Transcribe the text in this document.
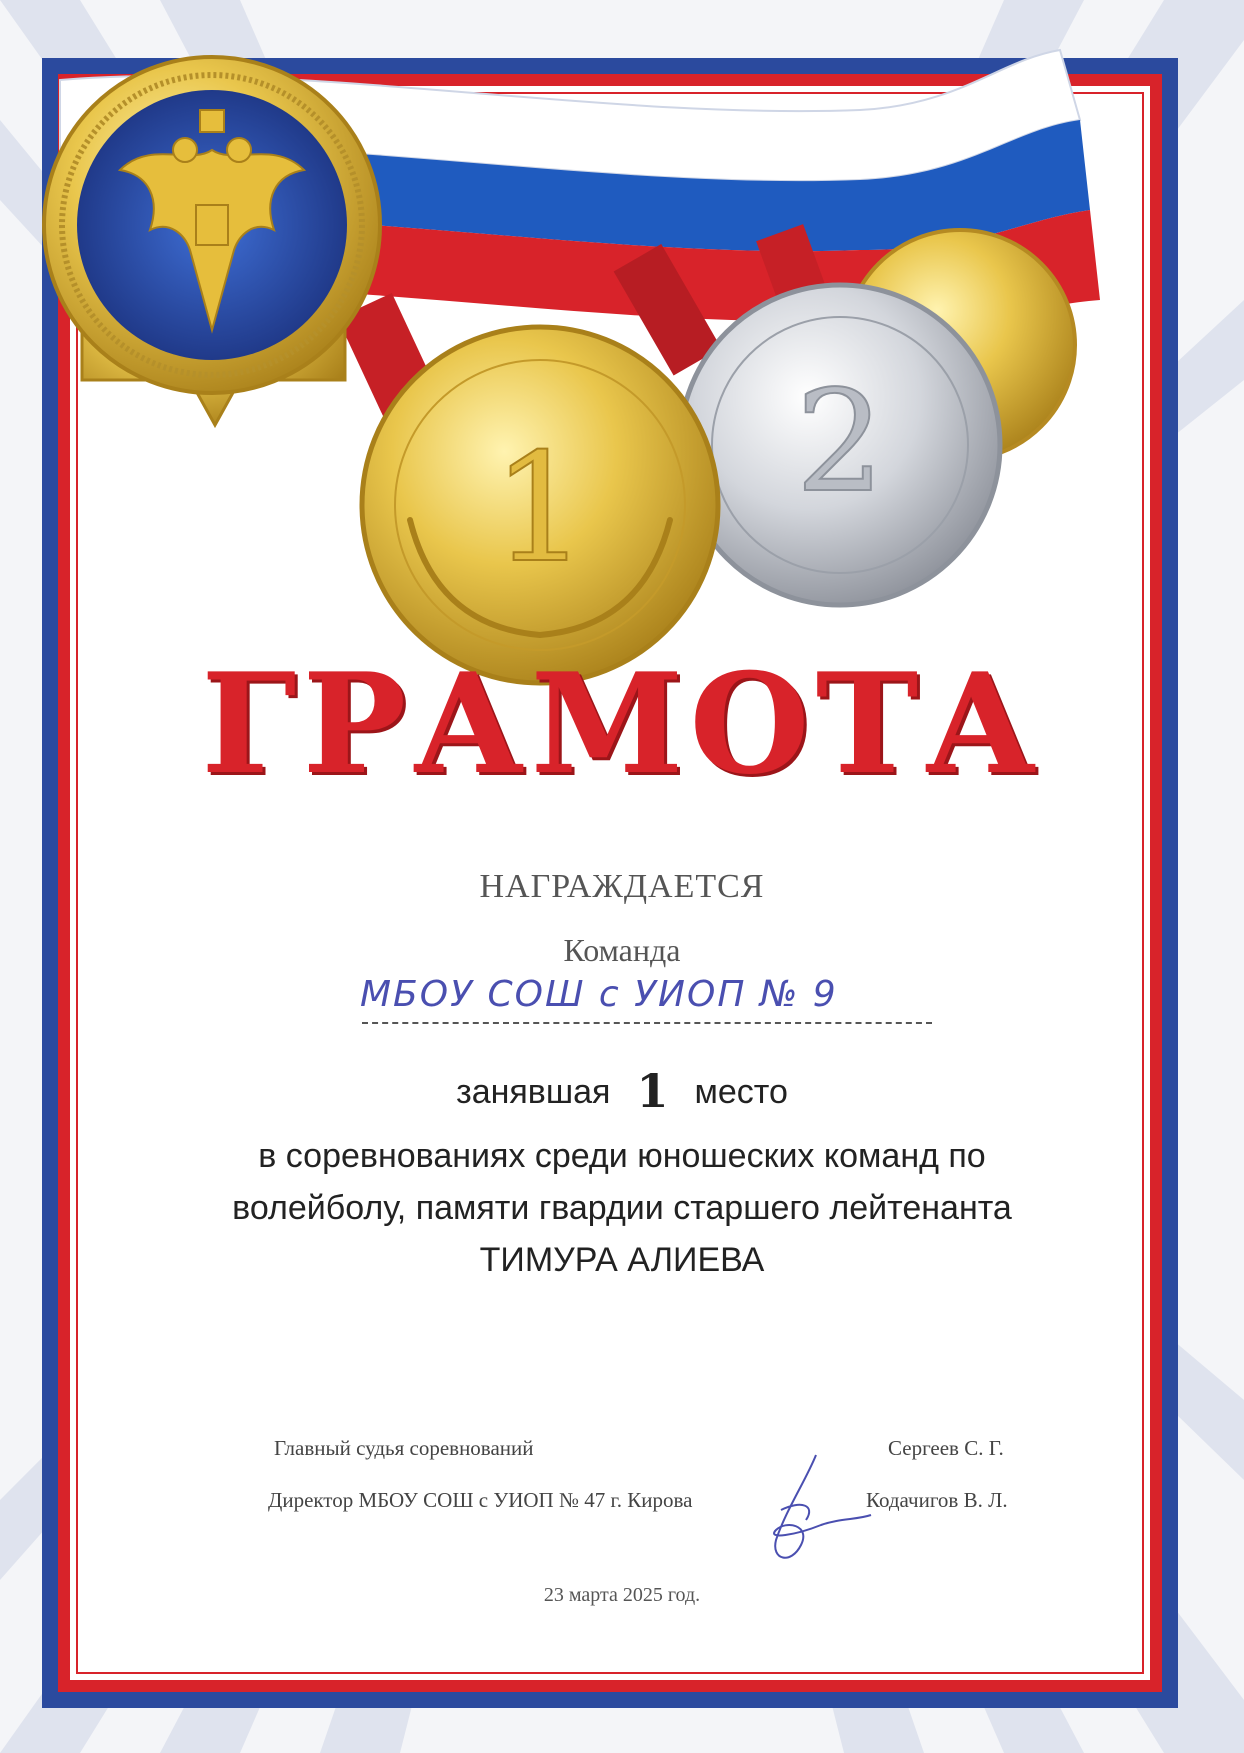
2
1
ГРАМОТА
НАГРАЖДАЕТСЯ
Команда
МБОУ СОШ с УИОП № 9
занявшая 1 место
в соревнованиях среди юношеских команд по
волейболу, памяти гвардии старшего лейтенанта
ТИМУРА АЛИЕВА
Главный судья соревнований	Сергеев С. Г.
Директор МБОУ СОШ с УИОП № 47 г. Кирова	Кодачигов В. Л.
23 марта 2025 год.
